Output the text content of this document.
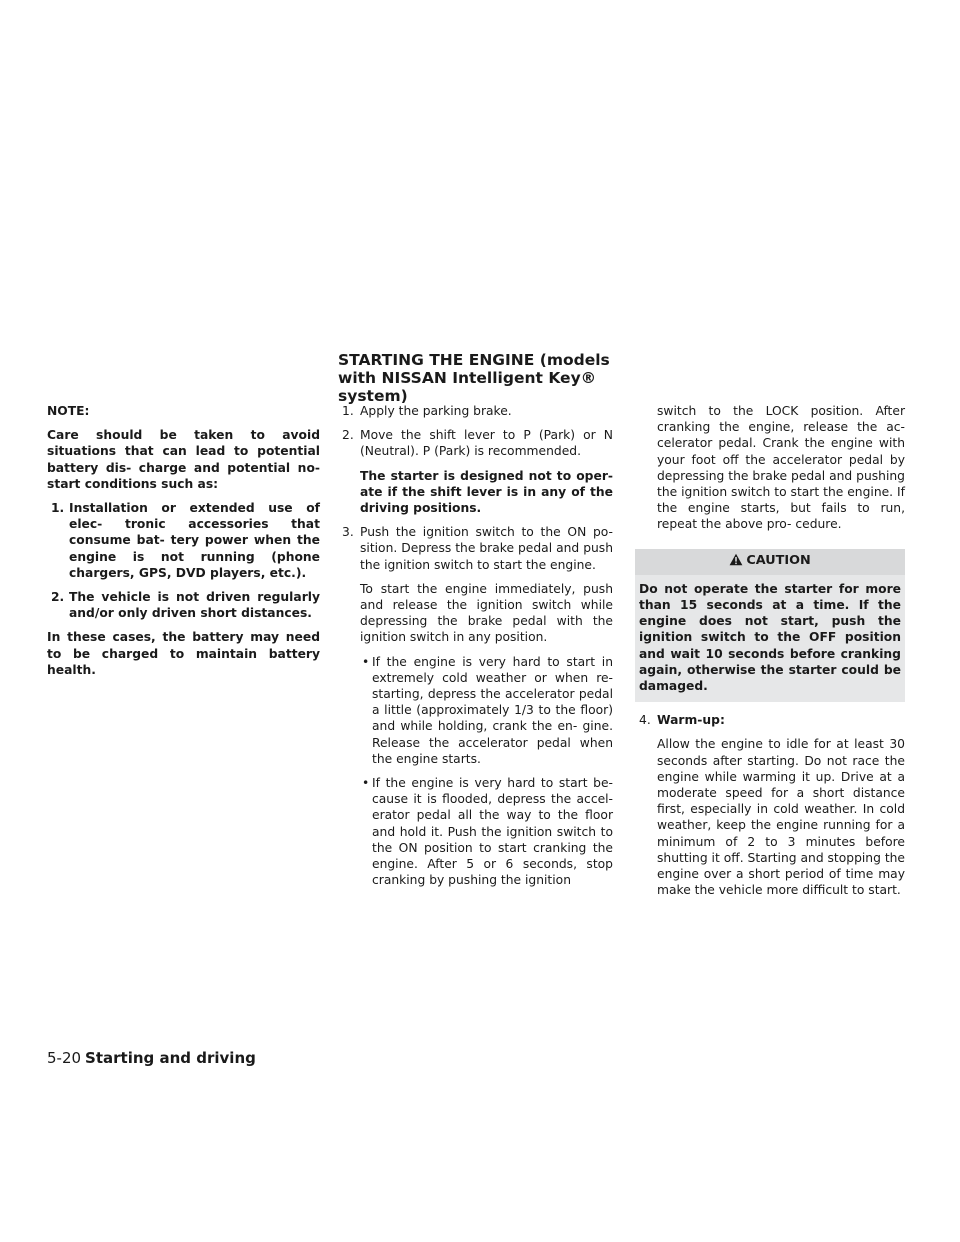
STARTING THE ENGINE (models with NISSAN Intelligent Key® system)

NOTE:

Care should be taken to avoid situations that can lead to potential battery dis- charge and potential no-start conditions such as:

1. Installation or extended use of elec- tronic accessories that consume bat- tery power when the engine is not running (phone chargers, GPS, DVD players, etc.).
2. The vehicle is not driven regularly and/or only driven short distances.

In these cases, the battery may need to be charged to maintain battery health.

1. Apply the parking brake.
2. Move the shift lever to P (Park) or N (Neutral). P (Park) is recommended.
The starter is designed not to oper- ate if the shift lever is in any of the driving positions.
3. Push the ignition switch to the ON po- sition. Depress the brake pedal and push the ignition switch to start the engine.
To start the engine immediately, push and release the ignition switch while depressing the brake pedal with the ignition switch in any position.
• If the engine is very hard to start in extremely cold weather or when re- starting, depress the accelerator pedal a little (approximately 1/3 to the floor) and while holding, crank the en- gine. Release the accelerator pedal when the engine starts.
• If the engine is very hard to start be- cause it is flooded, depress the accel- erator pedal all the way to the floor and hold it. Push the ignition switch to the ON position to start cranking the engine. After 5 or 6 seconds, stop cranking by pushing the ignition
switch to the LOCK position. After cranking the engine, release the ac- celerator pedal. Crank the engine with your foot off the accelerator pedal by depressing the brake pedal and pushing the ignition switch to start the engine. If the engine starts, but fails to run, repeat the above pro- cedure.
CAUTION
Do not operate the starter for more than 15 seconds at a time. If the engine does not start, push the ignition switch to the OFF position and wait 10 seconds before cranking again, otherwise the starter could be damaged.
4. Warm-up:
Allow the engine to idle for at least 30 seconds after starting. Do not race the engine while warming it up. Drive at a moderate speed for a short distance first, especially in cold weather. In cold weather, keep the engine running for a minimum of 2 to 3 minutes before shutting it off. Starting and stopping the engine over a short period of time may make the vehicle more difficult to start.
5-20 Starting and driving
